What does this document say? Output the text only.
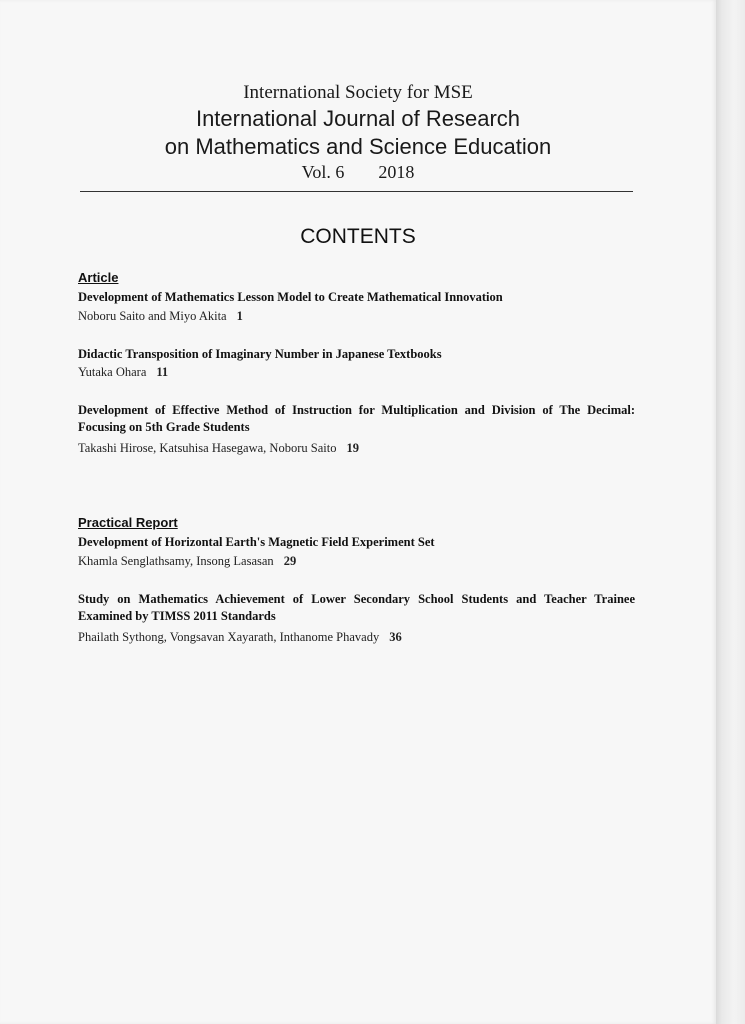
International Society for MSE
International Journal of Research
on Mathematics and Science Education
Vol. 6 2018
CONTENTS
Article
Development of Mathematics Lesson Model to Create Mathematical Innovation
Noboru Saito and Miyo Akita 1
Didactic Transposition of Imaginary Number in Japanese Textbooks
Yutaka Ohara 11
Development of Effective Method of Instruction for Multiplication and Division of The Decimal:
Focusing on 5th Grade Students
Takashi Hirose, Katsuhisa Hasegawa, Noboru Saito 19
Practical Report
Development of Horizontal Earth's Magnetic Field Experiment Set
Khamla Senglathsamy, Insong Lasasan 29
Study on Mathematics Achievement of Lower Secondary School Students and Teacher Trainee
Examined by TIMSS 2011 Standards
Phailath Sythong, Vongsavan Xayarath, Inthanome Phavady 36
